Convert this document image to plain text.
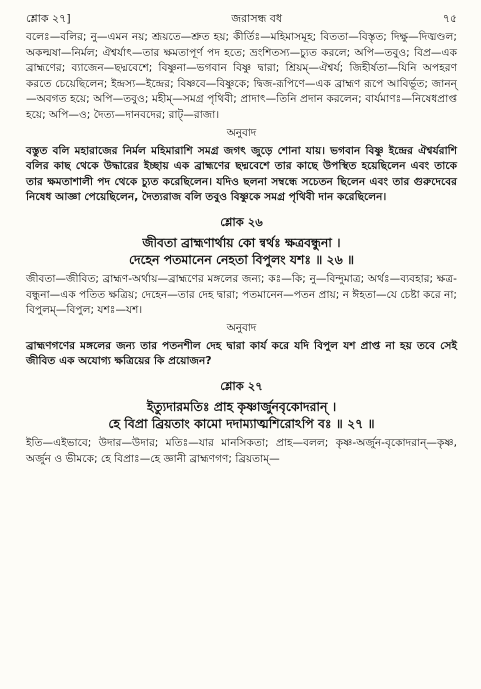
শ্লোক ২৭]	জরাসন্ধ বধ	৭৫

বলেঃ—বলির; নু—এমন নয়; শ্রূয়তে—শ্রুত হয়; কীর্তিঃ—মহিমাসমূহ; বিততা—বিস্তৃত; দিক্ষু—দিঙ্মণ্ডল; অকল্মষা—নির্মল; ঐশ্বর্যাৎ—তার ক্ষমতাপূর্ণ পদ হতে; ভ্রংশিতস্য—চ্যুত করলে; অপি—তবুও; বিপ্র—এক ব্রাহ্মণের; ব্যাজেন—ছদ্মবেশে; বিষ্ণুনা—ভগবান বিষ্ণু দ্বারা; শ্রিয়ম্—ঐশ্বর্য; জিহীর্ষতা—যিনি অপহরণ করতে চেয়েছিলেন; ইন্দ্রস্য—ইন্দ্রের; বিষ্ণবে—বিষ্ণুকে; দ্বিজ-রূপিণে—এক ব্রাহ্মণ রূপে আবির্ভূত; জানন্—অবগত হয়ে; অপি—তবুও; মহীম্—সমগ্র পৃথিবী; প্রাদাৎ—তিনি প্রদান করলেন; বার্যমাণঃ—নিষেধপ্রাপ্ত হয়ে; অপি—ও; দৈত্য—দানবদের; রাট্—রাজা।

অনুবাদ

বস্তুত বলি মহারাজের নির্মল মহিমারাশি সমগ্র জগৎ জুড়ে শোনা যায়। ভগবান বিষ্ণু ইন্দ্রের ঐশ্বর্যরাশি বলির কাছ থেকে উদ্ধারের ইচ্ছায় এক ব্রাহ্মণের ছদ্মবেশে তার কাছে উপস্থিত হয়েছিলেন এবং তাকে তার ক্ষমতাশালী পদ থেকে চ্যুত করেছিলেন। যদিও ছলনা সম্বন্ধে সচেতন ছিলেন এবং তার গুরুদেবের নিষেধ আজ্ঞা পেয়েছিলেন, দৈত্যরাজ বলি তবুও বিষ্ণুকে সমগ্র পৃথিবী দান করেছিলেন।

শ্লোক ২৬

জীবতা ব্রাহ্মণার্থায় কো ন্বর্থঃ ক্ষত্রবন্ধুনা ।

দেহেন পতমানেন নেহতা বিপুলং যশঃ ॥ ২৬ ॥

জীবতা—জীবিত; ব্রাহ্মণ-অর্থায়—ব্রাহ্মণের মঙ্গলের জন্য; কঃ—কি; নু—বিন্দুমাত্র; অর্থঃ—ব্যবহার; ক্ষত্র-বন্ধুনা—এক পতিত ক্ষত্রিয়; দেহেন—তার দেহ দ্বারা; পতমানেন—পতন প্রায়; ন ঈহতা—যে চেষ্টা করে না; বিপুলম্—বিপুল; যশঃ—যশ।

অনুবাদ

ব্রাহ্মণগণের মঙ্গলের জন্য তার পতনশীল দেহ দ্বারা কার্য করে যদি বিপুল যশ প্রাপ্ত না হয় তবে সেই জীবিত এক অযোগ্য ক্ষত্রিয়ের কি প্রয়োজন?

শ্লোক ২৭

ইত্যুদারমতিঃ প্রাহ কৃষ্ণার্জুনবৃকোদরান্ ।

হে বিপ্রা ব্রিয়তাং কামো দদাম্যাত্মশিরোঽপি বঃ ॥ ২৭ ॥

ইতি—এইভাবে; উদার—উদার; মতিঃ—যার মানসিকতা; প্রাহ—বলল; কৃষ্ণ-অর্জুন-বৃকোদরান্—কৃষ্ণ, অর্জুন ও ভীমকে; হে বিপ্রাঃ—হে জ্ঞানী ব্রাহ্মণগণ; ব্রিয়তাম্—
